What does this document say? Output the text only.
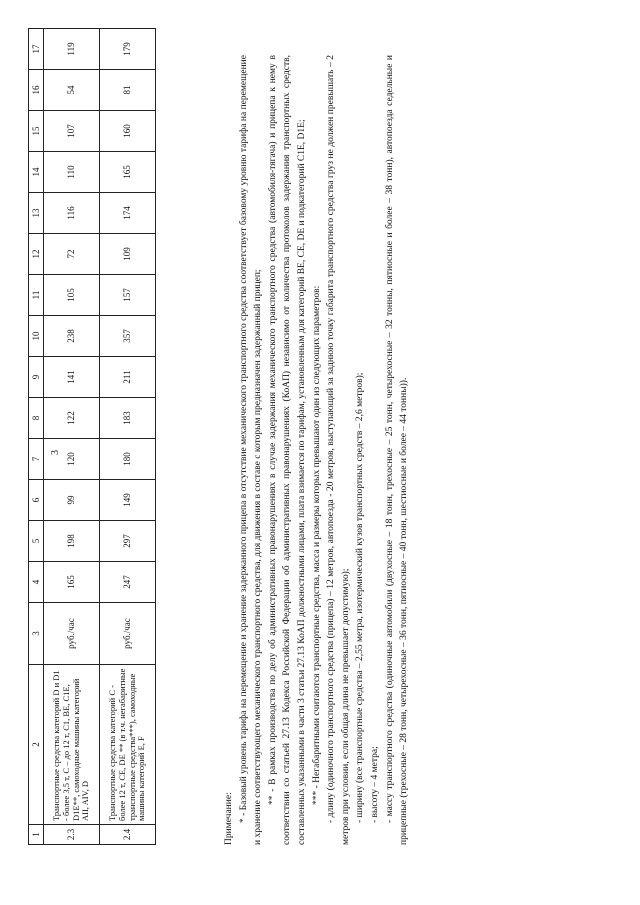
3
1	2	3	4	5	6	7	8	9	10	11	12	13	14	15	16	17
2.3	Транспортные средства категорий D и D1 - более 3,5 т, C – до 12 т, C1, BE, C1E, D1E**, самоходные машины категорий AII, AIV, D	руб./час	165	198	99	120	122	141	238	105	72	116	110	107	54	119
2.4	Транспортные средства категорий C - более 12 т, CE, DE ** (в т.ч. негабаритные транспортные средства***), самоходные машины категорий E, F	руб./час	247	297	149	180	183	211	357	157	109	174	165	160	81	179

Примечание: * - Базовый уровень тарифа на перемещение и хранение задержанного прицепа в отсутствие механического транспортного средства соответствует базовому уровню тарифа на перемещение и хранение соответствующего механического транспортного средства, для движения в составе с которым предназначен задержанный прицеп; ** - В рамках производства по делу об административных правонарушениях в случае задержания механического транспортного средства (автомобиля-тягача) и прицепа к нему в соответствии со статьей 27.13 Кодекса Российской Федерации об административных правонарушениях (КоАП) независимо от количества протоколов задержания транспортных средств, составленных указанными в части 3 статьи 27.13 КоАП должностными лицами, плата взимается по тарифам, установленным для категорий BE, CE, DE и подкатегорий C1E, D1E; *** - Негабаритными считаются транспортные средства, масса и размеры которых превышают один из следующих параметров: - длину (одиночного транспортного средства (прицепа) – 12 метров, автопоезда - 20 метров, выступающий за заднюю точку габарита транспортного средства груз не должен превышать – 2 метров при условии, если общая длина не превышает допустимую); - ширину (все транспортные средства – 2,55 метра, изотермический кузов транспортных средств – 2,6 метров); - высоту – 4 метра; - массу транспортного средства (одиночные автомобили (двухосные – 18 тонн, трехосные – 25 тонн, четырехосные – 32 тонны, пятиосные и более – 38 тонн), автопоезда седельные и прицепные (трехосные – 28 тонн, четырехосные – 36 тонн, пятиосные – 40 тонн, шестиосные и более – 44 тонны)).
